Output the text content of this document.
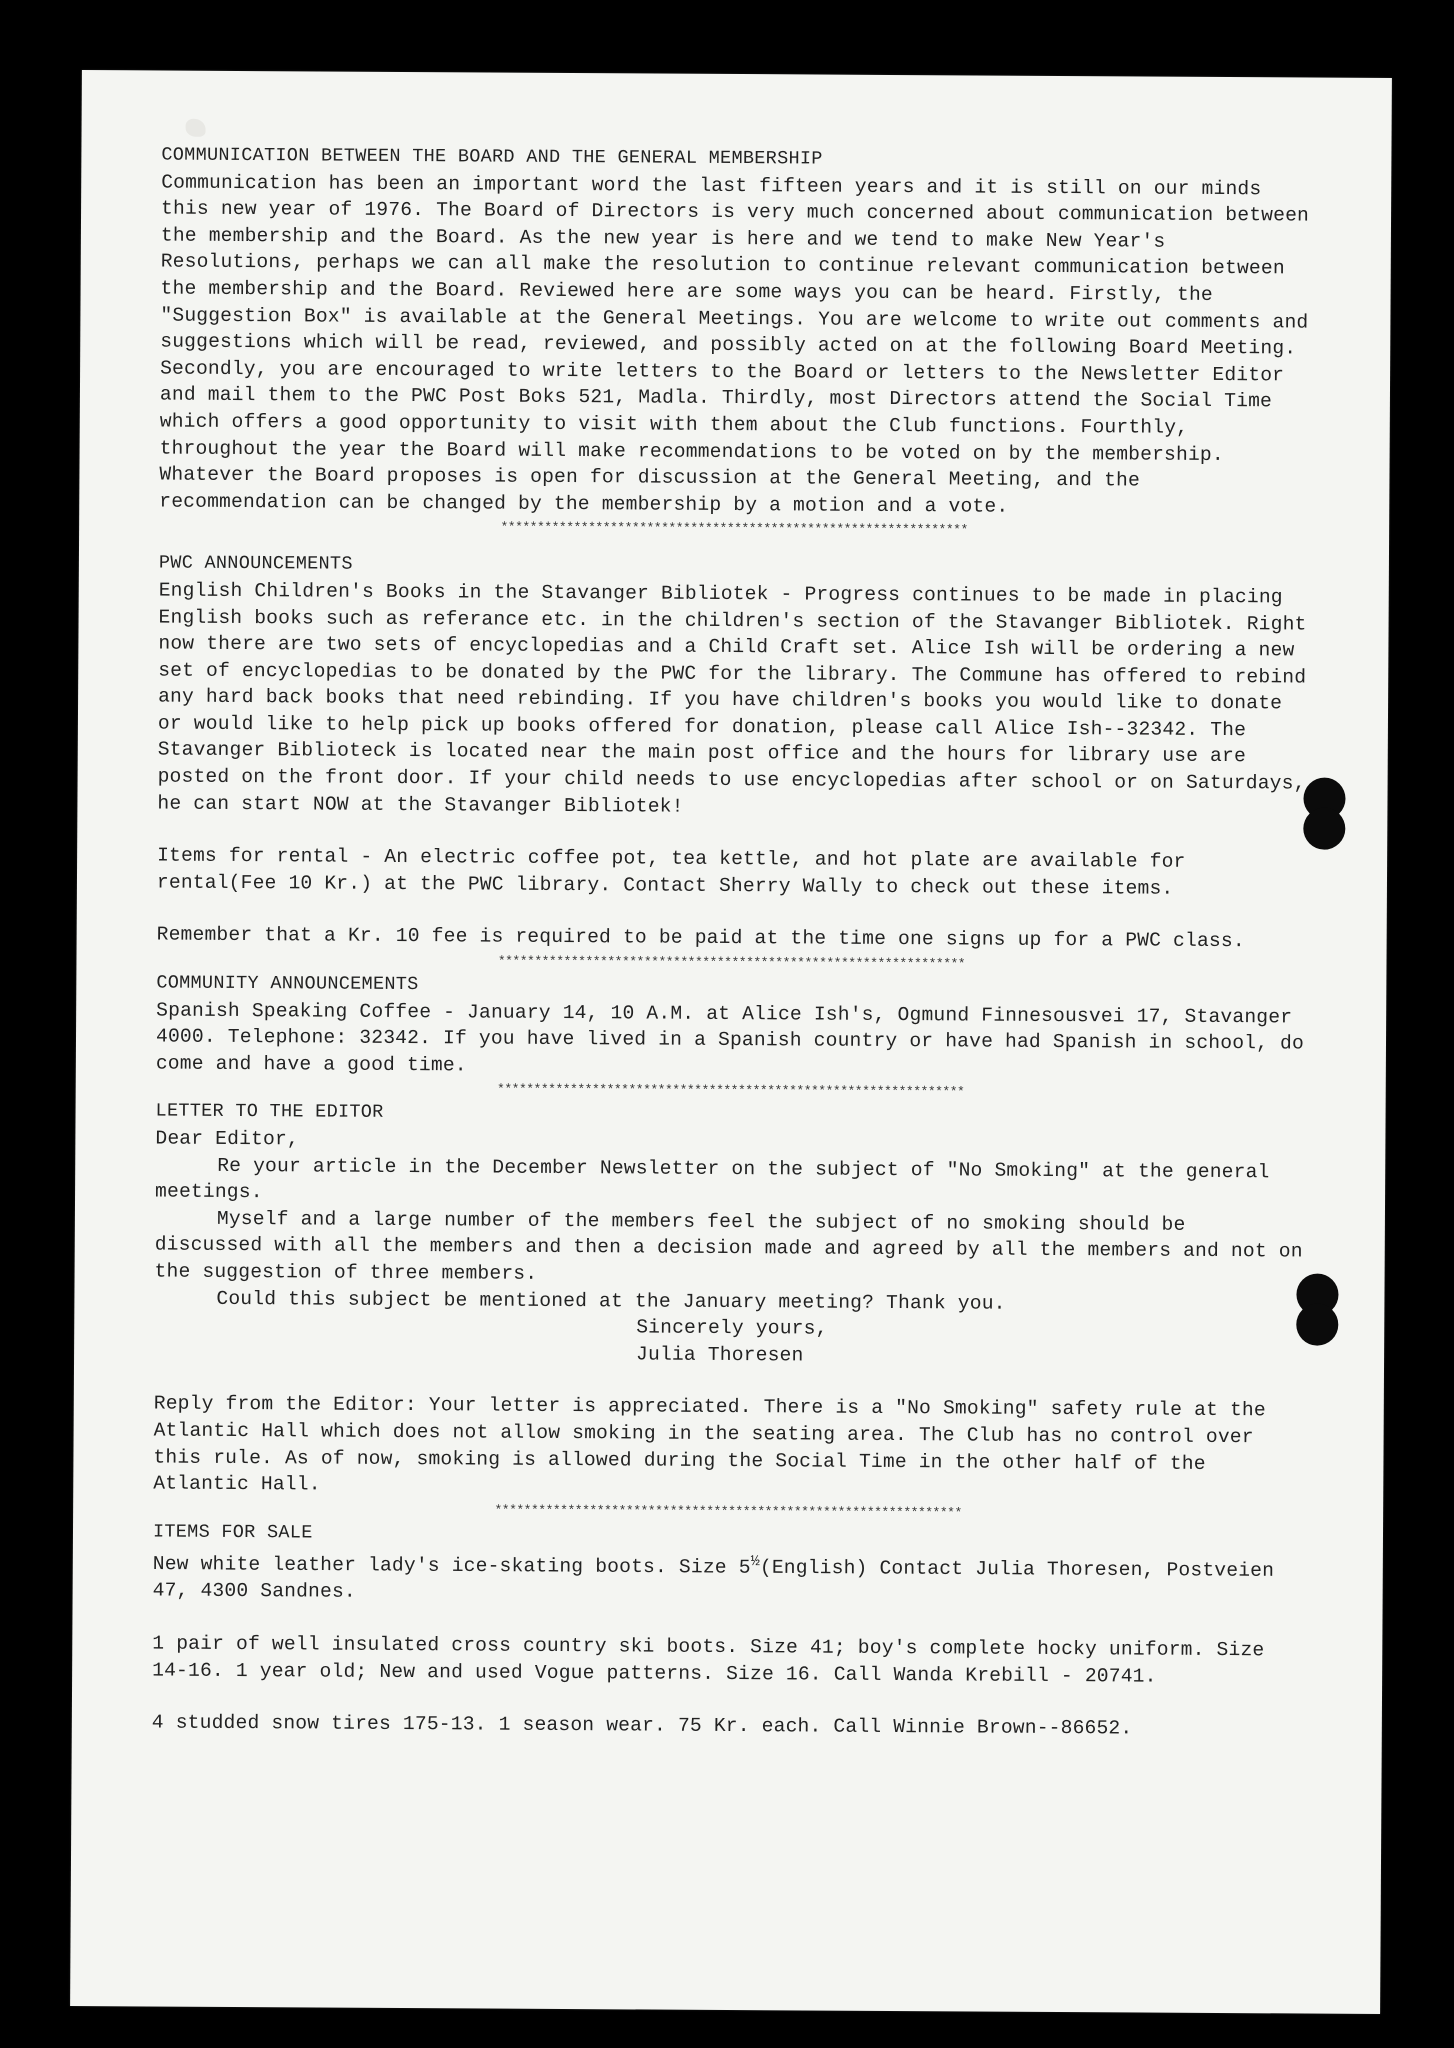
COMMUNICATION BETWEEN THE BOARD AND THE GENERAL MEMBERSHIP

Communication has been an important word the last fifteen years and it is still on our minds this new year of 1976. The Board of Directors is very much concerned about communication between the membership and the Board. As the new year is here and we tend to make New Year's Resolutions, perhaps we can all make the resolution to continue relevant communication between the membership and the Board. Reviewed here are some ways you can be heard. Firstly, the "Suggestion Box" is available at the General Meetings. You are welcome to write out comments and suggestions which will be read, reviewed, and possibly acted on at the following Board Meeting. Secondly, you are encouraged to write letters to the Board or letters to the Newsletter Editor and mail them to the PWC Post Boks 521, Madla. Thirdly, most Directors attend the Social Time which offers a good opportunity to visit with them about the Club functions. Fourthly, throughout the year the Board will make recommendations to be voted on by the membership. Whatever the Board proposes is open for discussion at the General Meeting, and the recommendation can be changed by the membership by a motion and a vote.

****************************************************************
PWC ANNOUNCEMENTS

English Children's Books in the Stavanger Bibliotek - Progress continues to be made in placing English books such as referance etc. in the children's section of the Stavanger Bibliotek. Right now there are two sets of encyclopedias and a Child Craft set. Alice Ish will be ordering a new set of encyclopedias to be donated by the PWC for the library. The Commune has offered to rebind any hard back books that need rebinding. If you have children's books you would like to donate or would like to help pick up books offered for donation, please call Alice Ish--32342. The Stavanger Biblioteck is located near the main post office and the hours for library use are posted on the front door. If your child needs to use encyclopedias after school or on Saturdays, he can start NOW at the Stavanger Bibliotek!

Items for rental - An electric coffee pot, tea kettle, and hot plate are available for rental(Fee 10 Kr.) at the PWC library. Contact Sherry Wally to check out these items.

Remember that a Kr. 10 fee is required to be paid at the time one signs up for a PWC class.

****************************************************************
COMMUNITY ANNOUNCEMENTS

Spanish Speaking Coffee - January 14, 10 A.M. at Alice Ish's, Ogmund Finnesousvei 17, Stavanger 4000. Telephone: 32342. If you have lived in a Spanish country or have had Spanish in school, do come and have a good time.

****************************************************************
LETTER TO THE EDITOR

Dear Editor,

Re your article in the December Newsletter on the subject of "No Smoking" at the general meetings.

Myself and a large number of the members feel the subject of no smoking should be discussed with all the members and then a decision made and agreed by all the members and not on the suggestion of three members.

Could this subject be mentioned at the January meeting? Thank you.

Sincerely yours,

Julia Thoresen

Reply from the Editor: Your letter is appreciated. There is a "No Smoking" safety rule at the Atlantic Hall which does not allow smoking in the seating area. The Club has no control over this rule. As of now, smoking is allowed during the Social Time in the other half of the Atlantic Hall.

****************************************************************
ITEMS FOR SALE

New white leather lady's ice-skating boots. Size $5^{\frac{1}{2}}(English)$ Contact Julia Thoresen, Postveien 47, 4300 Sandnes.

1 pair of well insulated cross country ski boots. Size 41; boy's complete hocky uniform. Size 14-16. 1 year old; New and used Vogue patterns. Size 16. Call Wanda Krebill - 20741.

4 studded snow tires 175-13. 1 season wear. 75 Kr. each. Call Winnie Brown--86652.
